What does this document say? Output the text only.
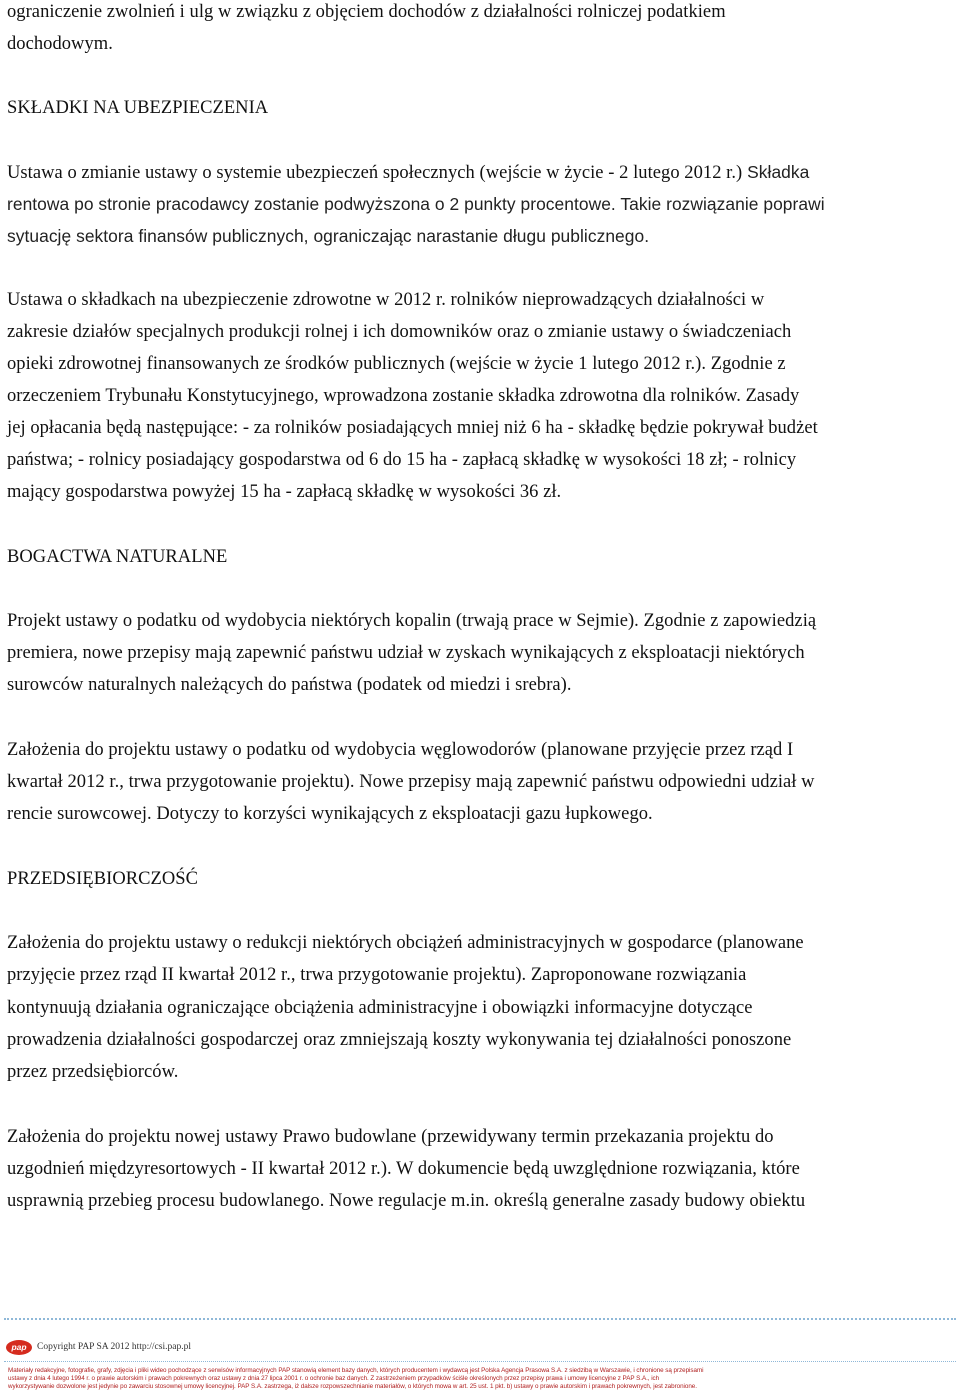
ograniczenie zwolnień i ulg w związku z objęciem dochodów z działalności rolniczej podatkiem
dochodowym.
SKŁADKI NA UBEZPIECZENIA
Ustawa o zmianie ustawy o systemie ubezpieczeń społecznych (wejście w życie - 2 lutego 2012 r.) Składka
rentowa po stronie pracodawcy zostanie podwyższona o 2 punkty procentowe. Takie rozwiązanie poprawi
sytuację sektora finansów publicznych, ograniczając narastanie długu publicznego.
Ustawa o składkach na ubezpieczenie zdrowotne w 2012 r. rolników nieprowadzących działalności w
zakresie działów specjalnych produkcji rolnej i ich domowników oraz o zmianie ustawy o świadczeniach
opieki zdrowotnej finansowanych ze środków publicznych (wejście w życie 1 lutego 2012 r.). Zgodnie z
orzeczeniem Trybunału Konstytucyjnego, wprowadzona zostanie składka zdrowotna dla rolników. Zasady
jej opłacania będą następujące: - za rolników posiadających mniej niż 6 ha - składkę będzie pokrywał budżet
państwa; - rolnicy posiadający gospodarstwa od 6 do 15 ha - zapłacą składkę w wysokości 18 zł; - rolnicy
mający gospodarstwa powyżej 15 ha - zapłacą składkę w wysokości 36 zł.
BOGACTWA NATURALNE
Projekt ustawy o podatku od wydobycia niektórych kopalin (trwają prace w Sejmie). Zgodnie z zapowiedzią
premiera, nowe przepisy mają zapewnić państwu udział w zyskach wynikających z eksploatacji niektórych
surowców naturalnych należących do państwa (podatek od miedzi i srebra).
Założenia do projektu ustawy o podatku od wydobycia węglowodorów (planowane przyjęcie przez rząd I
kwartał 2012 r., trwa przygotowanie projektu). Nowe przepisy mają zapewnić państwu odpowiedni udział w
rencie surowcowej. Dotyczy to korzyści wynikających z eksploatacji gazu łupkowego.
PRZEDSIĘBIORCZOŚĆ
Założenia do projektu ustawy o redukcji niektórych obciążeń administracyjnych w gospodarce (planowane
przyjęcie przez rząd II kwartał 2012 r., trwa przygotowanie projektu). Zaproponowane rozwiązania
kontynuują działania ograniczające obciążenia administracyjne i obowiązki informacyjne dotyczące
prowadzenia działalności gospodarczej oraz zmniejszają koszty wykonywania tej działalności ponoszone
przez przedsiębiorców.
Założenia do projektu nowej ustawy Prawo budowlane (przewidywany termin przekazania projektu do
uzgodnień międzyresortowych - II kwartał 2012 r.). W dokumencie będą uwzględnione rozwiązania, które
usprawnią przebieg procesu budowlanego. Nowe regulacje m.in. określą generalne zasady budowy obiektu
pap	Copyright PAP SA 2012 http://csi.pap.pl
Materiały redakcyjne, fotografie, grafy, zdjęcia i pliki wideo pochodzące z serwisów informacyjnych PAP stanowią element bazy danych, których producentem i wydawcą jest Polska Agencja Prasowa S.A. z siedzibą w Warszawie, i chronione są przepisami
ustawy z dnia 4 lutego 1994 r. o prawie autorskim i prawach pokrewnych oraz ustawy z dnia 27 lipca 2001 r. o ochronie baz danych. Z zastrzeżeniem przypadków ściśle określonych przez przepisy prawa i umowy licencyjne z PAP S.A., ich
wykorzystywanie dozwolone jest jedynie po zawarciu stosownej umowy licencyjnej. PAP S.A. zastrzega, iż dalsze rozpowszechnianie materiałów, o których mowa w art. 25 ust. 1 pkt. b) ustawy o prawie autorskim i prawach pokrewnych, jest zabronione.
